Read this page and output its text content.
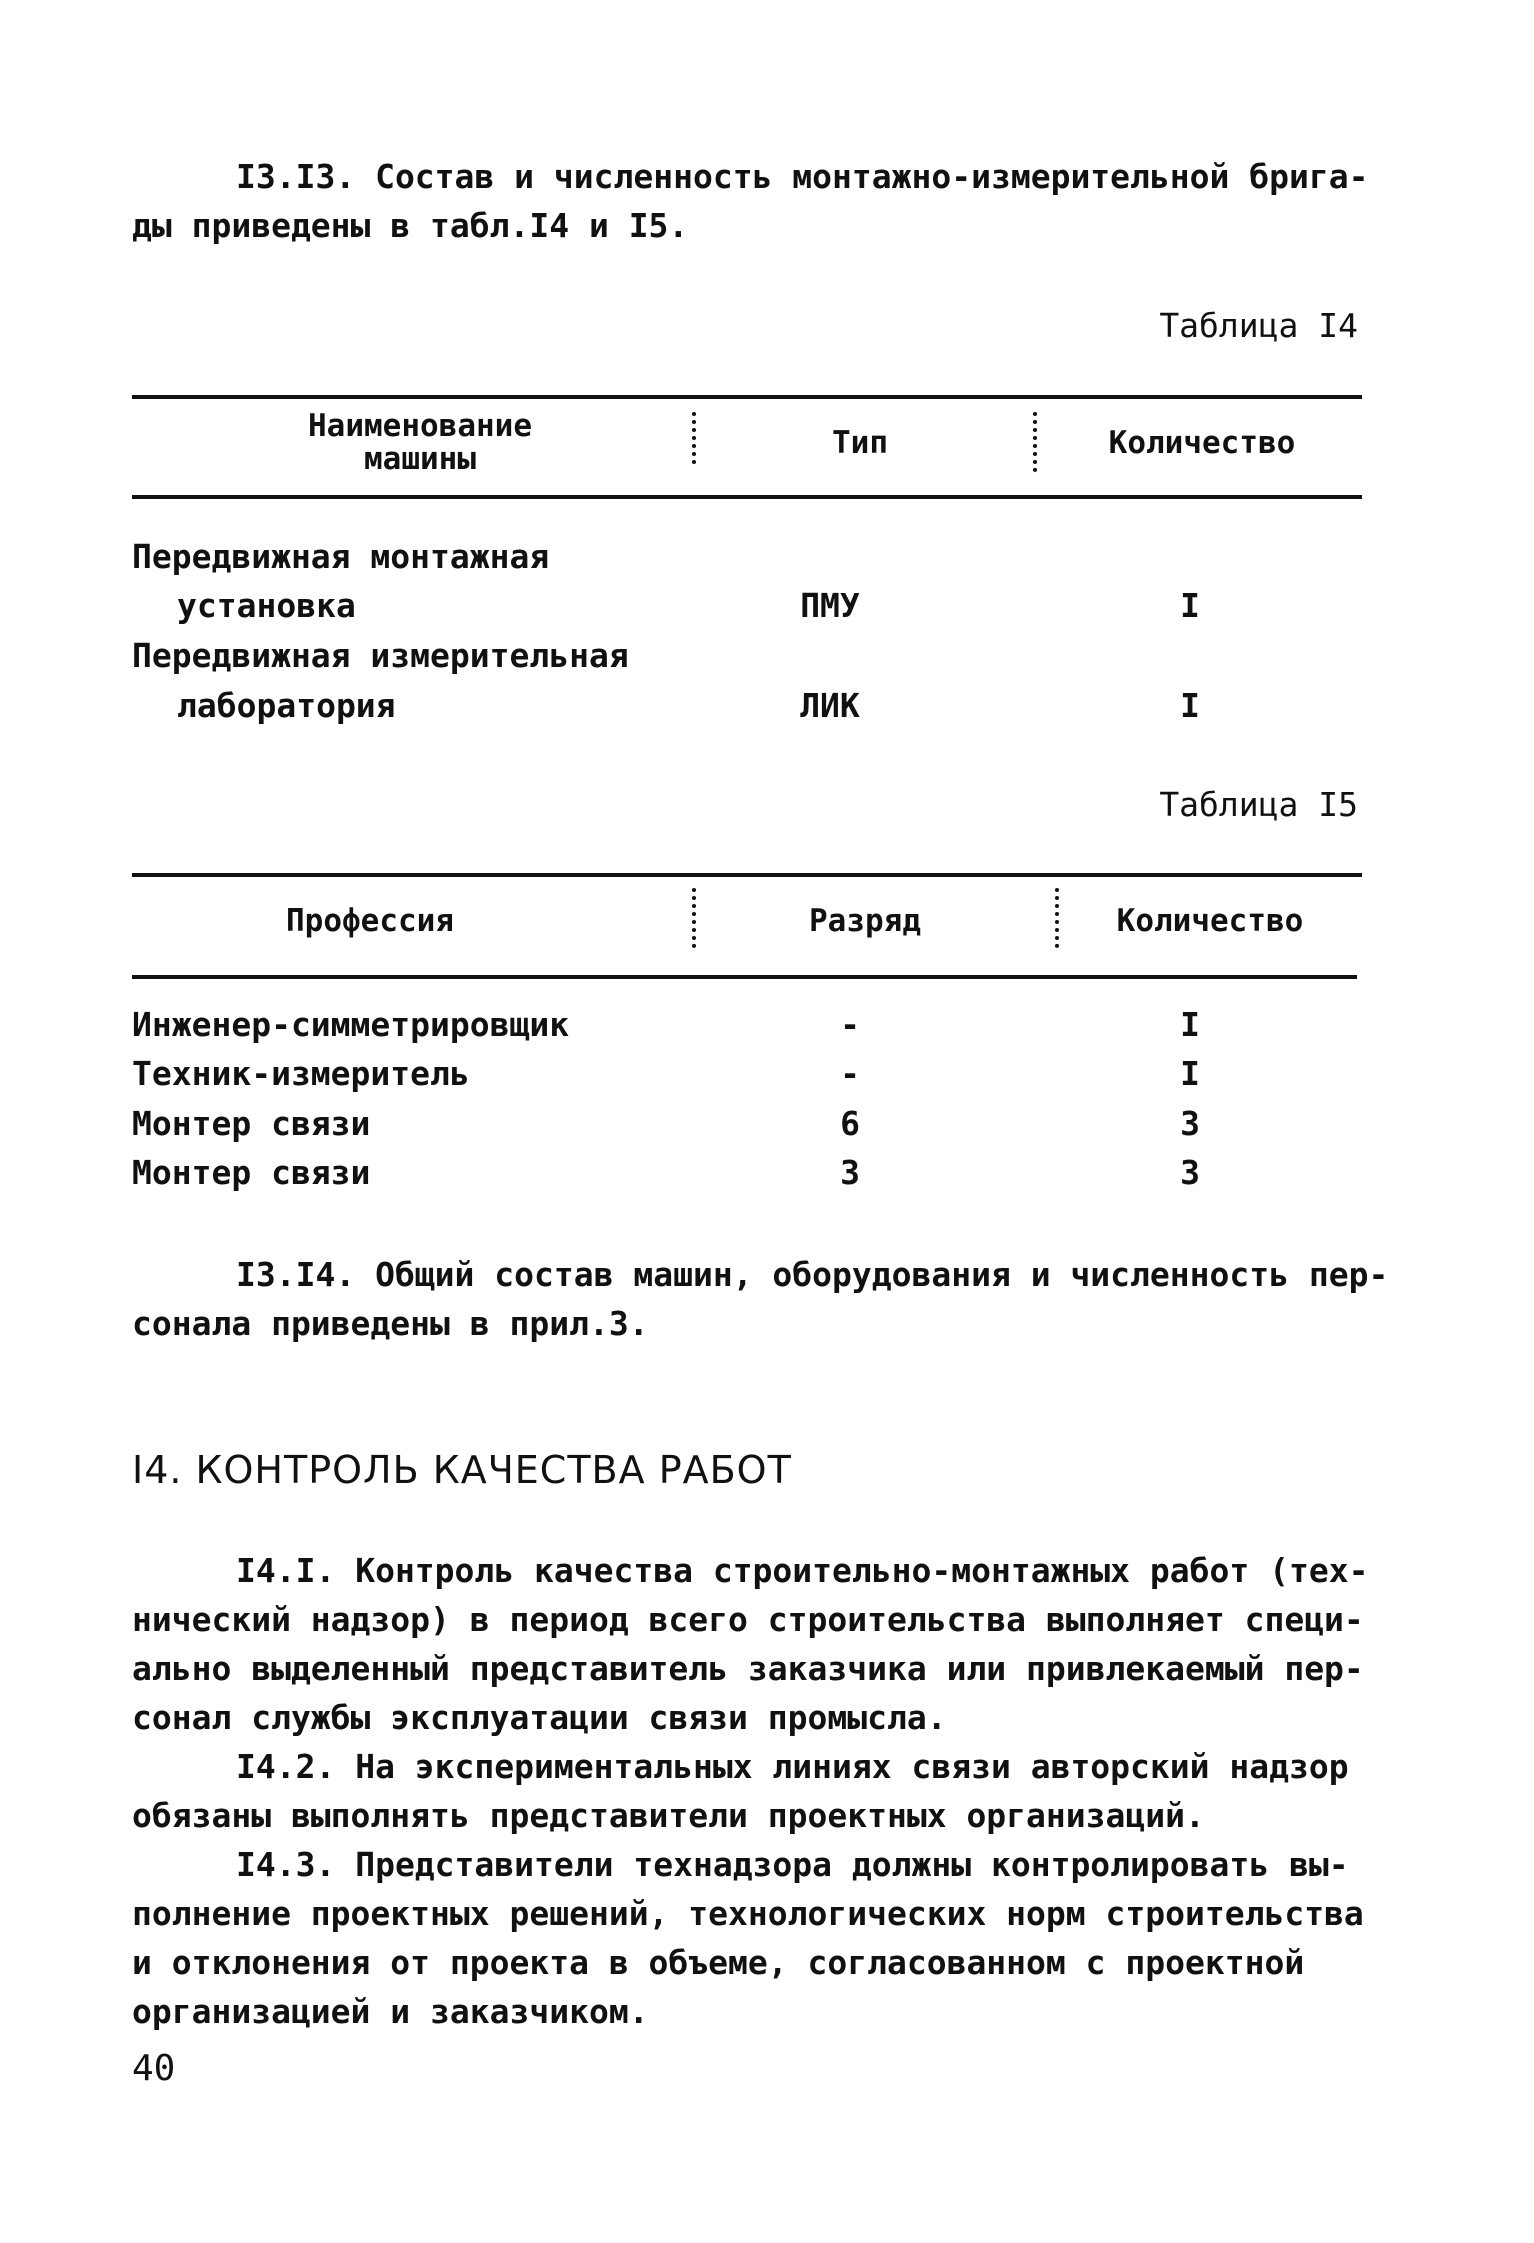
I3.I3. Состав и численность монтажно-измерительной брига-
ды приведены в табл.I4 и I5.

Таблица I4
Наименование машины	Тип	Количество
Передвижная монтажная
установка	ПМУ	I
Передвижная измерительная
лаборатория	ЛИК	I
Таблица I5
Профессия	Разряд	Количество
Инженер-симметрировщик	-	I
Техник-измеритель	-	I
Монтер связи	6	3
Монтер связи	3	3

I3.I4. Общий состав машин, оборудования и численность пер-
сонала приведены в прил.3.

I4. КОНТРОЛЬ КАЧЕСТВА РАБОТ

I4.I. Контроль качества строительно-монтажных работ (тех-
нический надзор) в период всего строительства выполняет специ-
ально выделенный представитель заказчика или привлекаемый пер-
сонал службы эксплуатации связи промысла.

I4.2. На экспериментальных линиях связи авторский надзор
обязаны выполнять представители проектных организаций.

I4.3. Представители технадзора должны контролировать вы-
полнение проектных решений, технологических норм строительства
и отклонения от проекта в объеме, согласованном с проектной
организацией и заказчиком.

40
